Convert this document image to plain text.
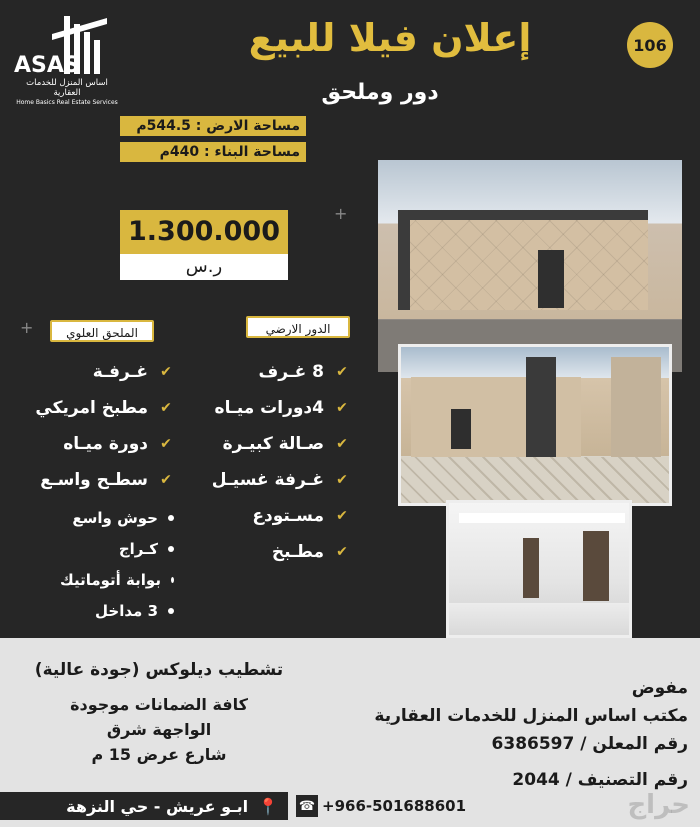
ASAS
اساس المنزل للخدمات العقارية
Home Basics Real Estate Services
106
إعلان فيلا للبيع
دور وملحق
مساحة الارض : 544.5م
مساحة البناء : 440م
1.300.000
ر.س
+
+	الملحق العلوي	الدور الارضي
✔
8 غـرف
✔
4دورات ميـاه
✔
صـالة كبيـرة
✔
غـرفة غسيـل
✔
مسـتودع
✔
مطـبخ
✔
غـرفـة
✔
مطبخ امريكي
✔
دورة ميـاه
✔
سطـح واسـع
حوش واسع
كـراج
بوابة أتوماتيك
3 مداخل
مفوض
مكتب اساس المنزل للخدمات العقارية
رقم المعلن / 6386597
رقم التصنيف / 2044
تشطيب ديلوكس (جودة عالية)
كافة الضمانات موجودة
الواجهة شرق
شارع عرض 15 م
📍
ابـو عريش - حي النزهة	☎ +966-501688601	حراج
